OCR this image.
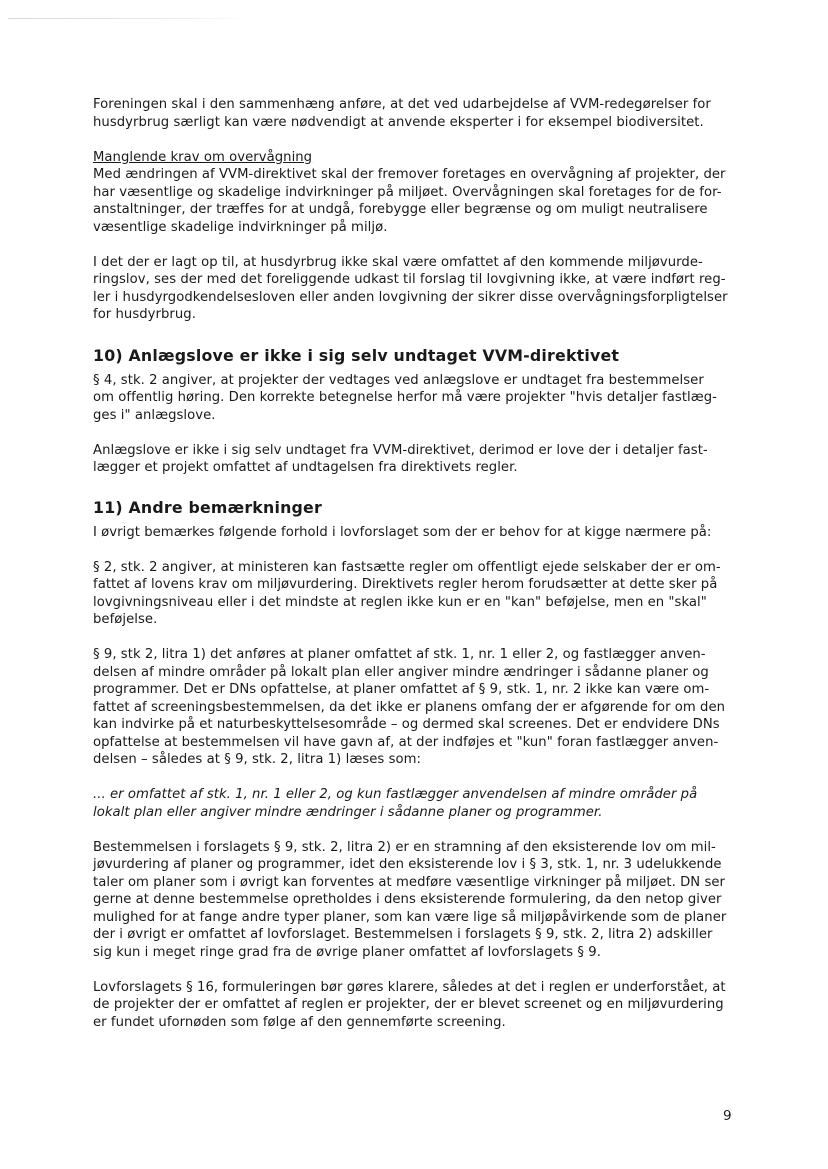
Foreningen skal i den sammenhæng anføre, at det ved udarbejdelse af VVM-redegørelser for
husdyrbrug særligt kan være nødvendigt at anvende eksperter i for eksempel biodiversitet.

Manglende krav om overvågning

Med ændringen af VVM-direktivet skal der fremover foretages en overvågning af projekter, der
har væsentlige og skadelige indvirkninger på miljøet. Overvågningen skal foretages for de for-
anstaltninger, der træffes for at undgå, forebygge eller begrænse og om muligt neutralisere
væsentlige skadelige indvirkninger på miljø.

I det der er lagt op til, at husdyrbrug ikke skal være omfattet af den kommende miljøvurde-
ringslov, ses der med det foreliggende udkast til forslag til lovgivning ikke, at være indført reg-
ler i husdyrgodkendelsesloven eller anden lovgivning der sikrer disse overvågningsforpligtelser
for husdyrbrug.

10) Anlægslove er ikke i sig selv undtaget VVM-direktivet

§ 4, stk. 2 angiver, at projekter der vedtages ved anlægslove er undtaget fra bestemmelser
om offentlig høring. Den korrekte betegnelse herfor må være projekter "hvis detaljer fastlæg-
ges i" anlægslove.

Anlægslove er ikke i sig selv undtaget fra VVM-direktivet, derimod er love der i detaljer fast-
lægger et projekt omfattet af undtagelsen fra direktivets regler.

11) Andre bemærkninger

I øvrigt bemærkes følgende forhold i lovforslaget som der er behov for at kigge nærmere på:

§ 2, stk. 2 angiver, at ministeren kan fastsætte regler om offentligt ejede selskaber der er om-
fattet af lovens krav om miljøvurdering. Direktivets regler herom forudsætter at dette sker på
lovgivningsniveau eller i det mindste at reglen ikke kun er en "kan" beføjelse, men en "skal"
beføjelse.

§ 9, stk 2, litra 1) det anføres at planer omfattet af stk. 1, nr. 1 eller 2, og fastlægger anven-
delsen af mindre områder på lokalt plan eller angiver mindre ændringer i sådanne planer og
programmer. Det er DNs opfattelse, at planer omfattet af § 9, stk. 1, nr. 2 ikke kan være om-
fattet af screeningsbestemmelsen, da det ikke er planens omfang der er afgørende for om den
kan indvirke på et naturbeskyttelsesområde – og dermed skal screenes. Det er endvidere DNs
opfattelse at bestemmelsen vil have gavn af, at der indføjes et "kun" foran fastlægger anven-
delsen – således at § 9, stk. 2, litra 1) læses som:

... er omfattet af stk. 1, nr. 1 eller 2, og kun fastlægger anvendelsen af mindre områder på
lokalt plan eller angiver mindre ændringer i sådanne planer og programmer.

Bestemmelsen i forslagets § 9, stk. 2, litra 2) er en stramning af den eksisterende lov om mil-
jøvurdering af planer og programmer, idet den eksisterende lov i § 3, stk. 1, nr. 3 udelukkende
taler om planer som i øvrigt kan forventes at medføre væsentlige virkninger på miljøet. DN ser
gerne at denne bestemmelse opretholdes i dens eksisterende formulering, da den netop giver
mulighed for at fange andre typer planer, som kan være lige så miljøpåvirkende som de planer
der i øvrigt er omfattet af lovforslaget. Bestemmelsen i forslagets § 9, stk. 2, litra 2) adskiller
sig kun i meget ringe grad fra de øvrige planer omfattet af lovforslagets § 9.

Lovforslagets § 16, formuleringen bør gøres klarere, således at det i reglen er underforstået, at
de projekter der er omfattet af reglen er projekter, der er blevet screenet og en miljøvurdering
er fundet ufornøden som følge af den gennemførte screening.

9
